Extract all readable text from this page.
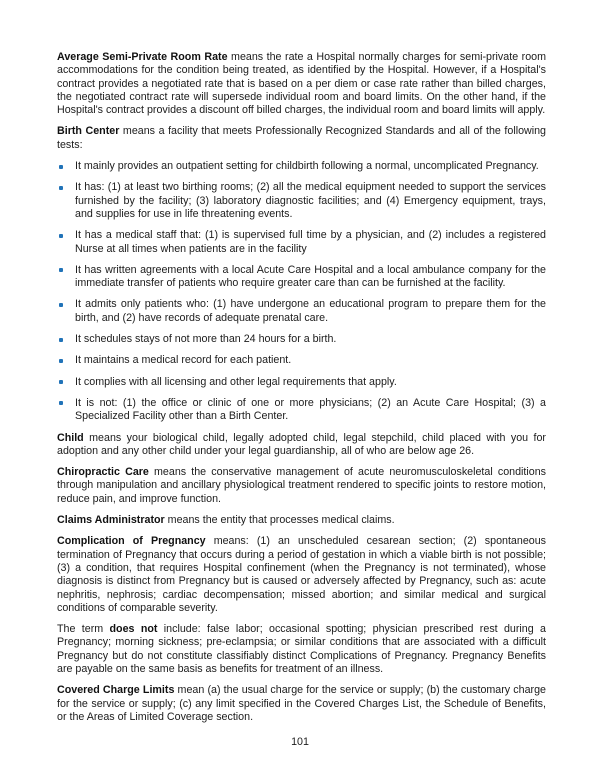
Average Semi-Private Room Rate means the rate a Hospital normally charges for semi-private room accommodations for the condition being treated, as identified by the Hospital. However, if a Hospital's contract provides a negotiated rate that is based on a per diem or case rate rather than billed charges, the negotiated contract rate will supersede individual room and board limits. On the other hand, if the Hospital's contract provides a discount off billed charges, the individual room and board limits will apply.

Birth Center means a facility that meets Professionally Recognized Standards and all of the following tests:

It mainly provides an outpatient setting for childbirth following a normal, uncomplicated Pregnancy.
It has: (1) at least two birthing rooms; (2) all the medical equipment needed to support the services furnished by the facility; (3) laboratory diagnostic facilities; and (4) Emergency equipment, trays, and supplies for use in life threatening events.
It has a medical staff that: (1) is supervised full time by a physician, and (2) includes a registered Nurse at all times when patients are in the facility
It has written agreements with a local Acute Care Hospital and a local ambulance company for the immediate transfer of patients who require greater care than can be furnished at the facility.
It admits only patients who: (1) have undergone an educational program to prepare them for the birth, and (2) have records of adequate prenatal care.
It schedules stays of not more than 24 hours for a birth.
It maintains a medical record for each patient.
It complies with all licensing and other legal requirements that apply.
It is not: (1) the office or clinic of one or more physicians; (2) an Acute Care Hospital; (3) a Specialized Facility other than a Birth Center.

Child means your biological child, legally adopted child, legal stepchild, child placed with you for adoption and any other child under your legal guardianship, all of who are below age 26.

Chiropractic Care means the conservative management of acute neuromusculoskeletal conditions through manipulation and ancillary physiological treatment rendered to specific joints to restore motion, reduce pain, and improve function.

Claims Administrator means the entity that processes medical claims.

Complication of Pregnancy means: (1) an unscheduled cesarean section; (2) spontaneous termination of Pregnancy that occurs during a period of gestation in which a viable birth is not possible; (3) a condition, that requires Hospital confinement (when the Pregnancy is not terminated), whose diagnosis is distinct from Pregnancy but is caused or adversely affected by Pregnancy, such as: acute nephritis, nephrosis; cardiac decompensation; missed abortion; and similar medical and surgical conditions of comparable severity.

The term does not include: false labor; occasional spotting; physician prescribed rest during a Pregnancy; morning sickness; pre-eclampsia; or similar conditions that are associated with a difficult Pregnancy but do not constitute classifiably distinct Complications of Pregnancy. Pregnancy Benefits are payable on the same basis as benefits for treatment of an illness.

Covered Charge Limits mean (a) the usual charge for the service or supply; (b) the customary charge for the service or supply; (c) any limit specified in the Covered Charges List, the Schedule of Benefits, or the Areas of Limited Coverage section.

101
